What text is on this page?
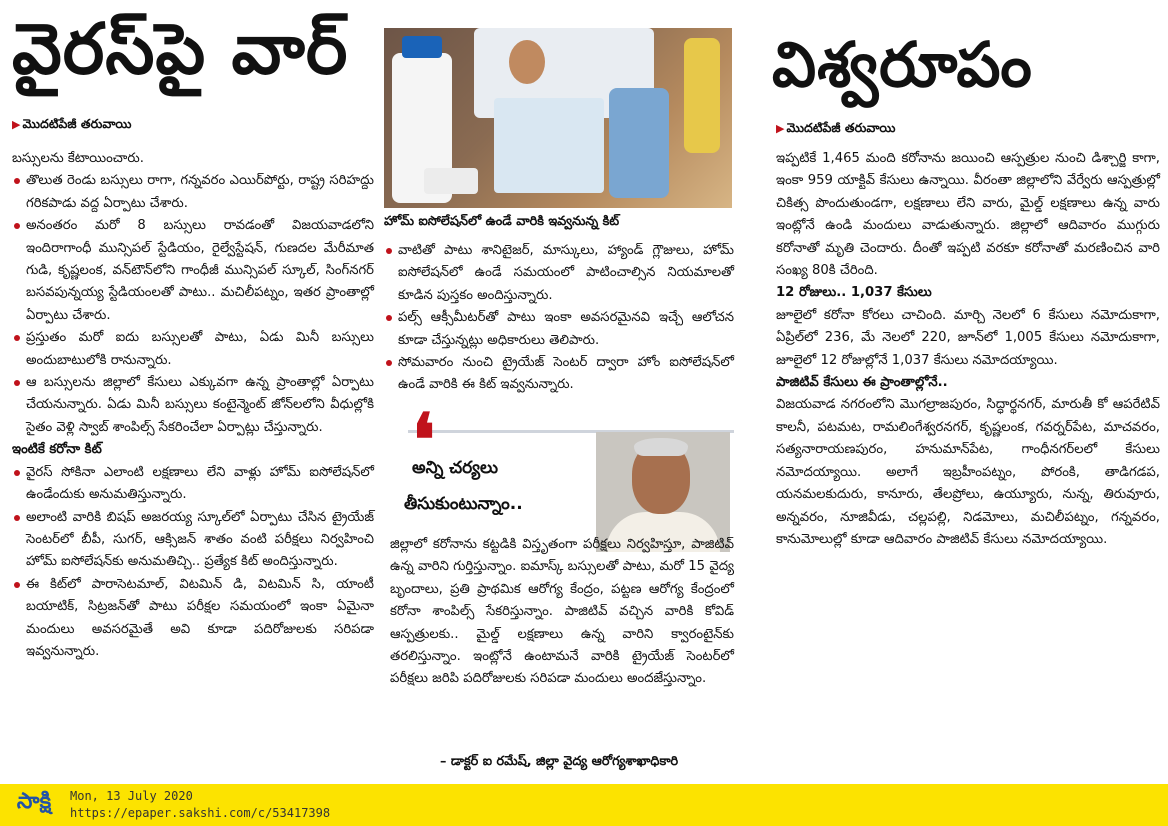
వైరస్‌పై వార్
▶ మొదటిపేజీ తరువాయి

బస్సులను కేటాయించారు.

తొలుత రెండు బస్సులు రాగా, గన్నవరం ఎయిర్‌పోర్టు, రాష్ట్ర సరిహద్దు గరికపాడు వద్ద ఏర్పాటు చేశారు.

అనంతరం మరో 8 బస్సులు రావడంతో విజయవాడలోని ఇందిరాగాంధీ మున్సిపల్ స్టేడియం, రైల్వేస్టేషన్, గుణదల మేరీమాత గుడి, కృష్ణలంక, వన్‌టౌన్‌లోని గాంధీజీ మున్సిపల్ స్కూల్, సింగ్‌నగర్ బసవపున్నయ్య స్టేడియంలతో పాటు.. మచిలీపట్నం, ఇతర ప్రాంతాల్లో ఏర్పాటు చేశారు.

ప్రస్తుతం మరో ఐదు బస్సులతో పాటు, ఏడు మినీ బస్సులు అందుబాటులోకి రానున్నారు.

ఆ బస్సులను జిల్లాలో కేసులు ఎక్కువగా ఉన్న ప్రాంతాల్లో ఏర్పాటు చేయనున్నారు. ఏడు మినీ బస్సులు కంటైన్మెంట్ జోన్‌లలోని వీధుల్లోకి సైతం వెళ్లి స్వాబ్ శాంపిల్స్ సేకరించేలా ఏర్పాట్లు చేస్తున్నారు.

ఇంటికే కరోనా కిట్

వైరస్ సోకినా ఎలాంటి లక్షణాలు లేని వాళ్లు హోమ్ ఐసోలేషన్‌లో ఉండేందుకు అనుమతిస్తున్నారు.

అలాంటి వారికి బిషప్ అజరయ్య స్కూల్‌లో ఏర్పాటు చేసిన ట్రైయేజ్ సెంటర్‌లో బీపీ, సుగర్, ఆక్సిజన్ శాతం వంటి పరీక్షలు నిర్వహించి హోమ్ ఐసోలేషన్‌కు అనుమతిచ్చి.. ప్రత్యేక కిట్ అందిస్తున్నారు.

ఈ కిట్‌లో పారాసెటమాల్, విటమిన్ డి, విటమిన్ సి, యాంటీ బయాటిక్, సిట్రజన్‌తో పాటు పరీక్షల సమయంలో ఇంకా ఏమైనా మందులు అవసరమైతే అవి కూడా పదిరోజులకు సరిపడా ఇవ్వనున్నారు.

హోమ్ ఐసోలేషన్‌లో ఉండే వారికి ఇవ్వనున్న కిట్

వాటితో పాటు శానిటైజర్, మాస్కులు, హ్యాండ్ గ్లౌజులు, హోమ్ ఐసోలేషన్‌లో ఉండే సమయంలో పాటించాల్సిన నియమాలతో కూడిన పుస్తకం అందిస్తున్నారు.

పల్స్ ఆక్సీమీటర్‌తో పాటు ఇంకా అవసరమైనవి ఇచ్చే ఆలోచన కూడా చేస్తున్నట్లు అధికారులు తెలిపారు.

సోమవారం నుంచి ట్రైయేజ్ సెంటర్ ద్వారా హోం ఐసోలేషన్‌లో ఉండే వారికి ఈ కిట్ ఇవ్వనున్నారు.

❛
అన్ని చర్యలు
తీసుకుంటున్నాం..
జిల్లాలో కరోనాను కట్టడికి విస్తృతంగా పరీక్షలు నిర్వహిస్తూ, పాజిటివ్ ఉన్న వారిని గుర్తిస్తున్నాం. ఐమాస్క్ బస్సులతో పాటు, మరో 15 వైద్య బృందాలు, ప్రతి ప్రాథమిక ఆరోగ్య కేంద్రం, పట్టణ ఆరోగ్య కేంద్రంలో కరోనా శాంపిల్స్ సేకరిస్తున్నాం. పాజిటివ్ వచ్చిన వారికి కోవిడ్ ఆస్పత్రులకు.. మైల్డ్ లక్షణాలు ఉన్న వారిని క్వారంటైన్‌కు తరలిస్తున్నాం. ఇంట్లోనే ఉంటామనే వారికి ట్రైయేజ్ సెంటర్‌లో పరీక్షలు జరిపి పదిరోజులకు సరిపడా మందులు అందజేస్తున్నాం.
– డాక్టర్ ఐ రమేష్, జిల్లా వైద్య ఆరోగ్యశాఖాధికారి
విశ్వరూపం
▶ మొదటిపేజీ తరువాయి

ఇప్పటికే 1,465 మంది కరోనాను జయించి ఆస్పత్రుల నుంచి డిశ్చార్జి కాగా, ఇంకా 959 యాక్టివ్ కేసులు ఉన్నాయి. వీరంతా జిల్లాలోని వేర్వేరు ఆస్పత్రుల్లో చికిత్స పొందుతుండగా, లక్షణాలు లేని వారు, మైల్డ్ లక్షణాలు ఉన్న వారు ఇంట్లోనే ఉండి మందులు వాడుతున్నారు. జిల్లాలో ఆదివారం ముగ్గురు కరోనాతో మృతి చెందారు. దీంతో ఇప్పటి వరకూ కరోనాతో మరణించిన వారి సంఖ్య 80కి చేరింది.

12 రోజులు.. 1,037 కేసులు

జూలైలో కరోనా కోరలు చాచింది. మార్చి నెలలో 6 కేసులు నమోదుకాగా, ఏప్రిల్‌లో 236, మే నెలలో 220, జూన్‌లో 1,005 కేసులు నమోదుకాగా, జూలైలో 12 రోజుల్లోనే 1,037 కేసులు నమోదయ్యాయి.

పాజిటివ్ కేసులు ఈ ప్రాంతాల్లోనే..

విజయవాడ నగరంలోని మొగల్రాజపురం, సిద్ధార్థనగర్, మారుతీ కో ఆపరేటివ్ కాలనీ, పటమట, రామలింగేశ్వరనగర్, కృష్ణలంక, గవర్నర్‌పేట, మాచవరం, సత్యనారాయణపురం, హనుమాన్‌పేట, గాంధీనగర్‌లలో కేసులు నమోదయ్యాయి. అలాగే ఇబ్రహీంపట్నం, పోరంకి, తాడిగడప, యనమలకుదురు, కానూరు, తేలప్రోలు, ఉయ్యూరు, నున్న, తిరువూరు, అన్నవరం, నూజివీడు, చల్లపల్లి, నిడమోలు, మచిలీపట్నం, గన్నవరం, కానుమోలుల్లో కూడా ఆదివారం పాజిటివ్ కేసులు నమోదయ్యాయి.

సాక్షి	Mon, 13 July 2020
https://epaper.sakshi.com/c/53417398
